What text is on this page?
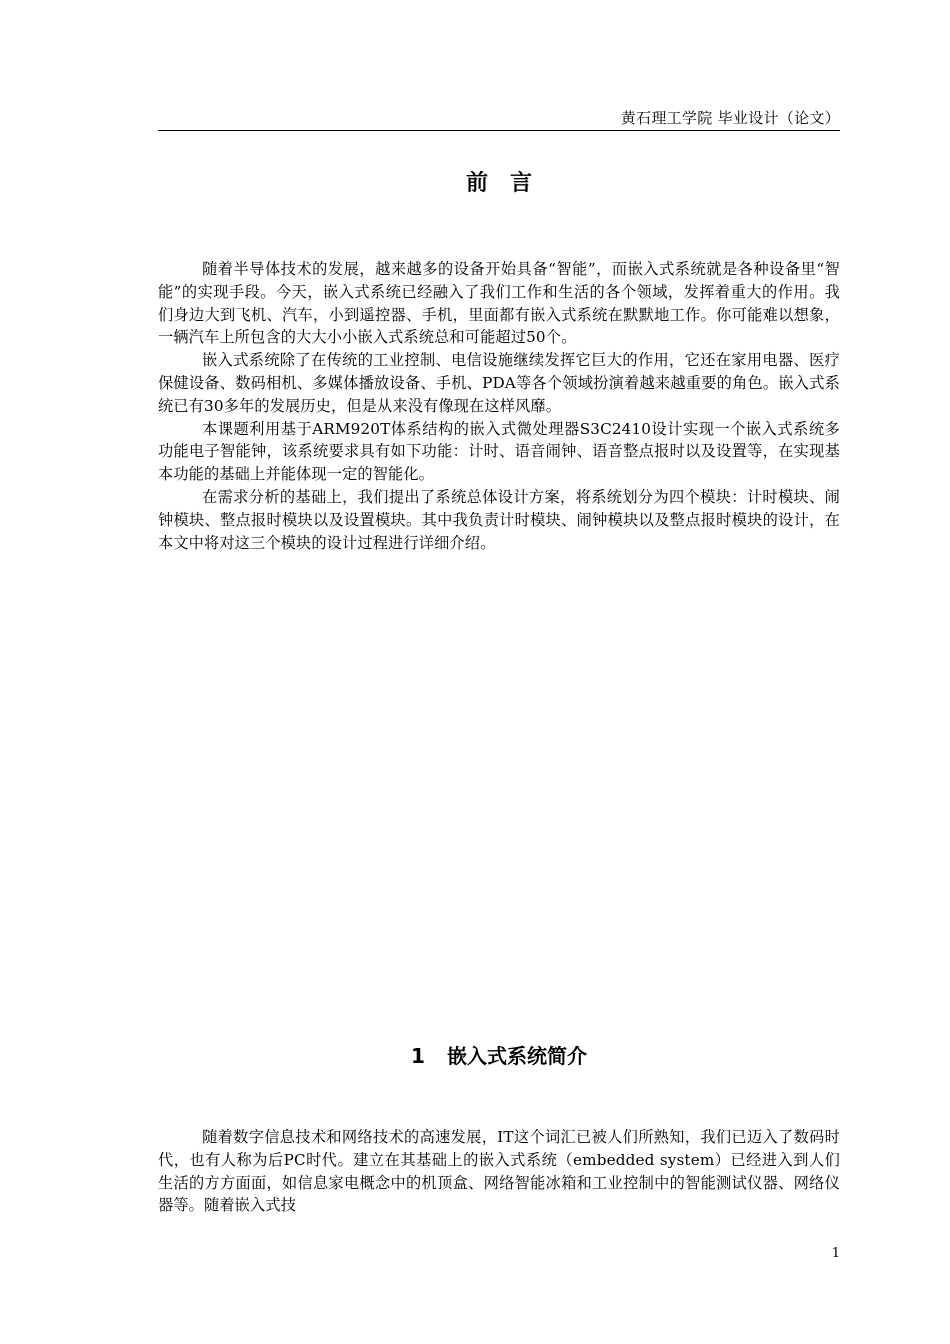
黄石理工学院 毕业设计（论文）
前　言

随着半导体技术的发展，越来越多的设备开始具备“智能”，而嵌入式系统就是各种设备里“智能”的实现手段。今天，嵌入式系统已经融入了我们工作和生活的各个领域，发挥着重大的作用。我们身边大到飞机、汽车，小到遥控器、手机，里面都有嵌入式系统在默默地工作。你可能难以想象，一辆汽车上所包含的大大小小嵌入式系统总和可能超过50个。

嵌入式系统除了在传统的工业控制、电信设施继续发挥它巨大的作用，它还在家用电器、医疗保健设备、数码相机、多媒体播放设备、手机、PDA等各个领域扮演着越来越重要的角色。嵌入式系统已有30多年的发展历史，但是从来没有像现在这样风靡。

本课题利用基于ARM920T体系结构的嵌入式微处理器S3C2410设计实现一个嵌入式系统多功能电子智能钟，该系统要求具有如下功能：计时、语音闹钟、语音整点报时以及设置等，在实现基本功能的基础上并能体现一定的智能化。

在需求分析的基础上，我们提出了系统总体设计方案，将系统划分为四个模块：计时模块、闹钟模块、整点报时模块以及设置模块。其中我负责计时模块、闹钟模块以及整点报时模块的设计，在本文中将对这三个模块的设计过程进行详细介绍。

1 嵌入式系统简介

随着数字信息技术和网络技术的高速发展，IT这个词汇已被人们所熟知，我们已迈入了数码时代，也有人称为后PC时代。建立在其基础上的嵌入式系统（embedded system）已经进入到人们生活的方方面面，如信息家电概念中的机顶盒、网络智能冰箱和工业控制中的智能测试仪器、网络仪器等。随着嵌入式技

1
